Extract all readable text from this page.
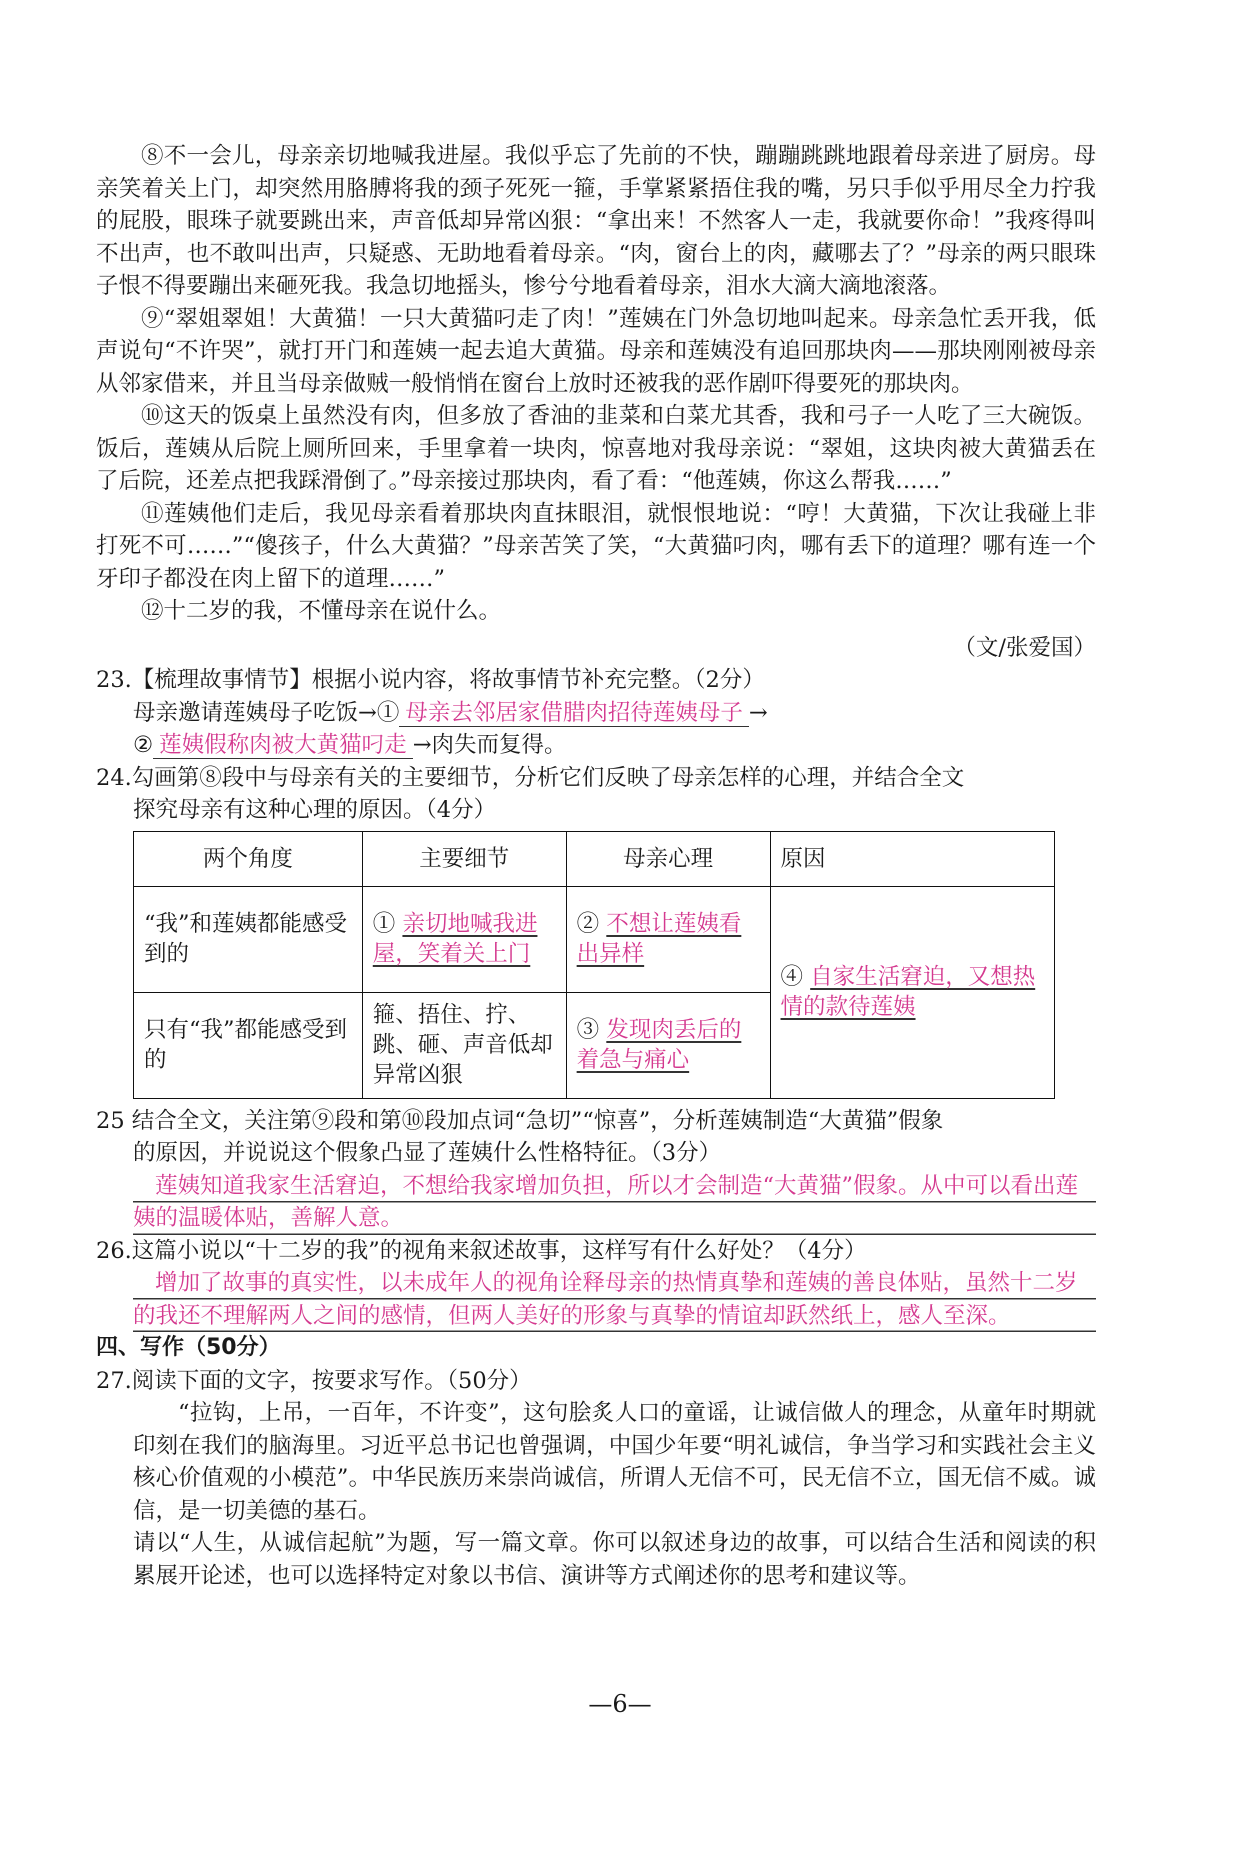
⑧不一会儿，母亲亲切地喊我进屋。我似乎忘了先前的不快，蹦蹦跳跳地跟着母亲进了厨房。母亲笑着关上门，却突然用胳膊将我的颈子死死一箍，手掌紧紧捂住我的嘴，另只手似乎用尽全力拧我的屁股，眼珠子就要跳出来，声音低却异常凶狠：“拿出来！不然客人一走，我就要你命！”我疼得叫不出声，也不敢叫出声，只疑惑、无助地看着母亲。“肉，窗台上的肉，藏哪去了？”母亲的两只眼珠子恨不得要蹦出来砸死我。我急切地摇头，惨兮兮地看着母亲，泪水大滴大滴地滚落。

⑨“翠姐翠姐！大黄猫！一只大黄猫叼走了肉！”莲姨在门外急切地叫起来。母亲急忙丢开我，低声说句“不许哭”，就打开门和莲姨一起去追大黄猫。母亲和莲姨没有追回那块肉——那块刚刚被母亲从邻家借来，并且当母亲做贼一般悄悄在窗台上放时还被我的恶作剧吓得要死的那块肉。

⑩这天的饭桌上虽然没有肉，但多放了香油的韭菜和白菜尤其香，我和弓子一人吃了三大碗饭。饭后，莲姨从后院上厕所回来，手里拿着一块肉，惊喜地对我母亲说：“翠姐，这块肉被大黄猫丢在了后院，还差点把我踩滑倒了。”母亲接过那块肉，看了看：“他莲姨，你这么帮我……”

⑪莲姨他们走后，我见母亲看着那块肉直抹眼泪，就恨恨地说：“哼！大黄猫，下次让我碰上非打死不可……”“傻孩子，什么大黄猫？”母亲苦笑了笑，“大黄猫叼肉，哪有丢下的道理？哪有连一个牙印子都没在肉上留下的道理……”

⑫十二岁的我，不懂母亲在说什么。

（文/张爱国）

23.【梳理故事情节】根据小说内容，将故事情节补充完整。（2分）

母亲邀请莲姨母子吃饭→① 母亲去邻居家借腊肉招待莲姨母子 →

② 莲姨假称肉被大黄猫叼走 →肉失而复得。

24.勾画第⑧段中与母亲有关的主要细节，分析它们反映了母亲怎样的心理，并结合全文

探究母亲有这种心理的原因。（4分）

两个角度	主要细节	母亲心理	原因
“我”和莲姨都能感受到的	① 亲切地喊我进屋，笑着关上门	② 不想让莲姨看出异样	④ 自家生活窘迫，又想热情的款待莲姨
只有“我”都能感受到的	箍、捂住、拧、跳、砸、声音低却异常凶狠	③ 发现肉丢后的着急与痛心	

25 结合全文，关注第⑨段和第⑩段加点词“急切”“惊喜”，分析莲姨制造“大黄猫”假象

的原因，并说说这个假象凸显了莲姨什么性格特征。（3分）

莲姨知道我家生活窘迫，不想给我家增加负担，所以才会制造“大黄猫”假象。从中可以看出莲姨的温暖体贴，善解人意。

26.这篇小说以“十二岁的我”的视角来叙述故事，这样写有什么好处？（4分）

增加了故事的真实性，以未成年人的视角诠释母亲的热情真挚和莲姨的善良体贴，虽然十二岁的我还不理解两人之间的感情，但两人美好的形象与真挚的情谊却跃然纸上，感人至深。

四、写作（50分）

27.阅读下面的文字，按要求写作。（50分）

“拉钩，上吊，一百年，不许变”，这句脍炙人口的童谣，让诚信做人的理念，从童年时期就印刻在我们的脑海里。习近平总书记也曾强调，中国少年要“明礼诚信，争当学习和实践社会主义核心价值观的小模范”。中华民族历来崇尚诚信，所谓人无信不可，民无信不立，国无信不威。诚信，是一切美德的基石。

请以“人生，从诚信起航”为题，写一篇文章。你可以叙述身边的故事，可以结合生活和阅读的积累展开论述，也可以选择特定对象以书信、演讲等方式阐述你的思考和建议等。

—6—
